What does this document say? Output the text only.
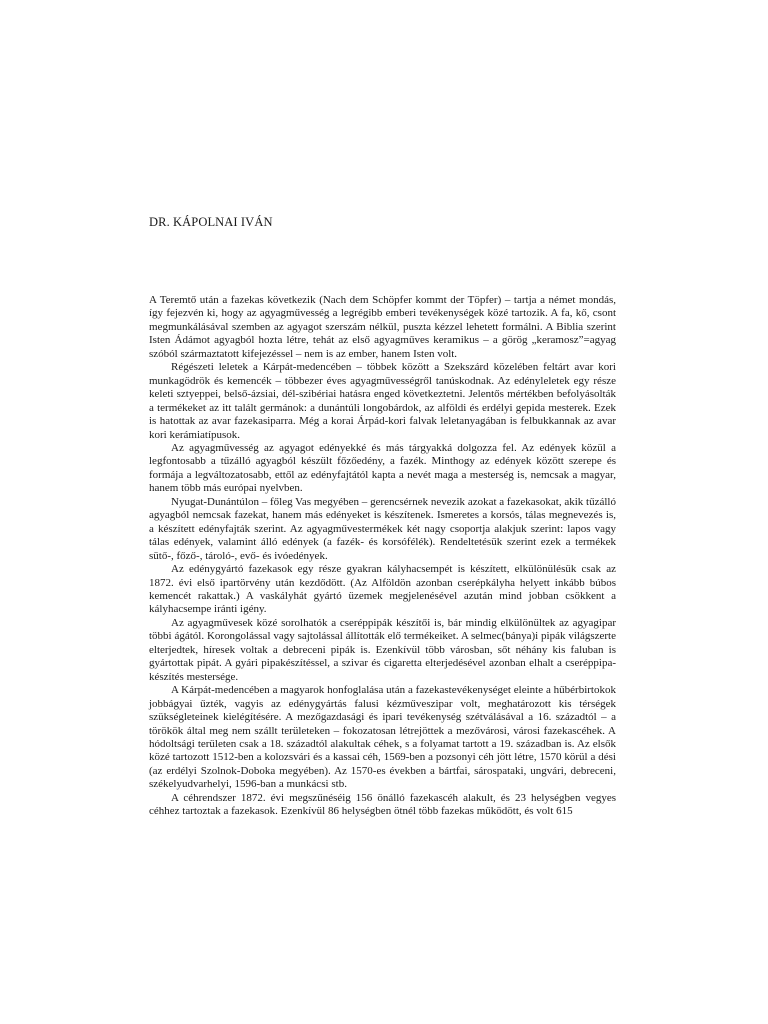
DR. KÁPOLNAI IVÁN

A Teremtő után a fazekas következik (Nach dem Schöpfer kommt der Töpfer) – tartja a német mondás, így fejezvén ki, hogy az agyagművesség a legrégibb emberi tevékenységek közé tartozik. A fa, kő, csont megmunkálásával szemben az agyagot szerszám nélkül, puszta kézzel lehetett formálni. A Biblia szerint Isten Ádámot agyagból hozta létre, tehát az első agyagműves keramikus – a görög „keramosz”=agyag szóból származtatott kifejezéssel – nem is az ember, hanem Isten volt.

Régészeti leletek a Kárpát-medencében – többek között a Szekszárd közelében feltárt avar kori munkagödrök és kemencék – többezer éves agyagművességről tanúskodnak. Az edényleletek egy része keleti sztyeppei, belső-ázsiai, dél-szibériai hatásra enged következtetni. Jelentős mértékben befolyásolták a termékeket az itt talált germánok: a dunántúli longobárdok, az alföldi és erdélyi gepida mesterek. Ezek is hatottak az avar fazekasiparra. Még a korai Árpád-kori falvak leletanyagában is felbukkannak az avar kori kerámiatípusok.

Az agyagművesség az agyagot edényekké és más tárgyakká dolgozza fel. Az edények közül a legfontosabb a tűzálló agyagból készült főzőedény, a fazék. Minthogy az edények között szerepe és formája a legváltozatosabb, ettől az edényfajtától kapta a nevét maga a mesterség is, nemcsak a magyar, hanem több más európai nyelvben.

Nyugat-Dunántúlon – főleg Vas megyében – gerencsérnek nevezik azokat a fazekasokat, akik tűzálló agyagból nemcsak fazekat, hanem más edényeket is készítenek. Ismeretes a korsós, tálas megnevezés is, a készített edényfajták szerint. Az agyagművestermékek két nagy csoportja alakjuk szerint: lapos vagy tálas edények, valamint álló edények (a fazék- és korsófélék). Rendeltetésük szerint ezek a termékek sütő-, főző-, tároló-, evő- és ivóedények.

Az edénygyártó fazekasok egy része gyakran kályhacsempét is készített, elkülönülésük csak az 1872. évi első ipartörvény után kezdődött. (Az Alföldön azonban cserépkályha helyett inkább búbos kemencét rakattak.) A vaskályhát gyártó üzemek megjelenésével azután mind jobban csökkent a kályhacsempe iránti igény.

Az agyagművesek közé sorolhatók a cseréppipák készítői is, bár mindig elkülönültek az agyagipar többi ágától. Korongolással vagy sajtolással állították elő termékeiket. A selmec(bánya)i pipák világszerte elterjedtek, híresek voltak a debreceni pipák is. Ezenkívül több városban, sőt néhány kis faluban is gyártottak pipát. A gyári pipakészítéssel, a szivar és cigaretta elterjedésével azonban elhalt a cseréppipa-készítés mestersége.

A Kárpát-medencében a magyarok honfoglalása után a fazekastevékenységet eleinte a hűbérbirtokok jobbágyai űzték, vagyis az edénygyártás falusi kézműveszipar volt, meghatározott kis térségek szükségleteinek kielégítésére. A mezőgazdasági és ipari tevékenység szétválásával a 16. századtól – a törökök által meg nem szállt területeken – fokozatosan létrejöttek a mezővárosi, városi fazekascéhek. A hódoltsági területen csak a 18. századtól alakultak céhek, s a folyamat tartott a 19. században is. Az elsők közé tartozott 1512-ben a kolozsvári és a kassai céh, 1569-ben a pozsonyi céh jött létre, 1570 körül a dési (az erdélyi Szolnok-Doboka megyében). Az 1570-es években a bártfai, sárospataki, ungvári, debreceni, székelyudvarhelyi, 1596-ban a munkácsi stb.

A céhrendszer 1872. évi megszűnéséig 156 önálló fazekascéh alakult, és 23 helységben vegyes céhhez tartoztak a fazekasok. Ezenkívül 86 helységben ötnél több fazekas működött, és volt 615
